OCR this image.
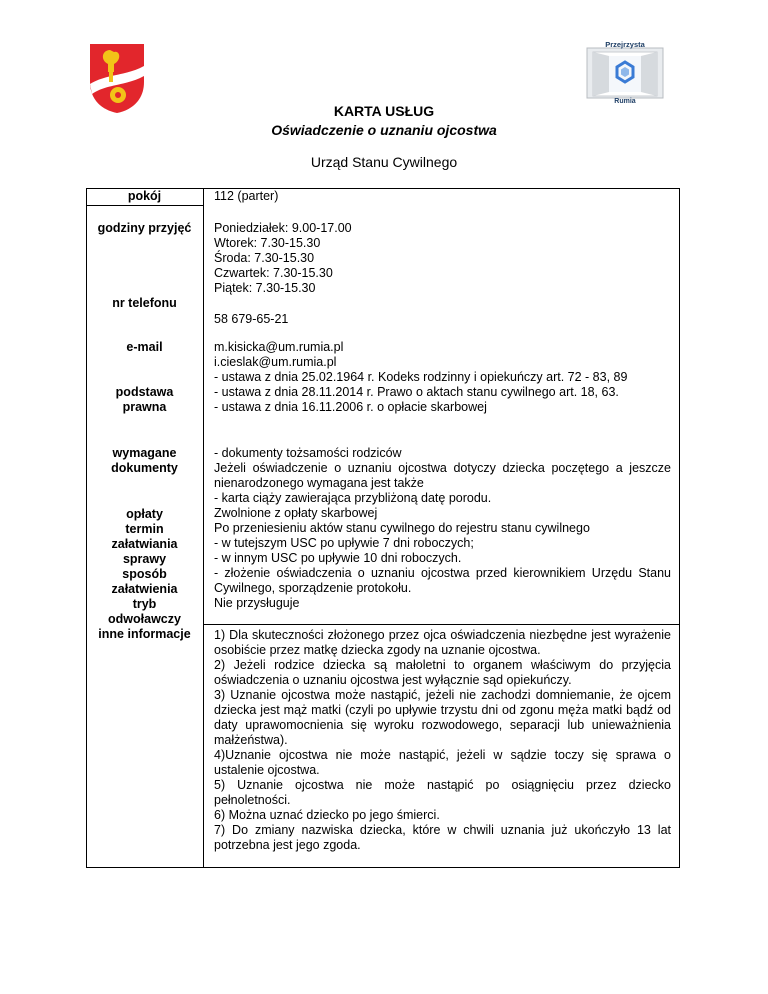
Przejrzysta
Rumia
KARTA USŁUG
Oświadczenie o uznaniu ojcostwa
Urząd Stanu Cywilnego
pokój
godziny przyjęć
nr telefonu
e-mail
podstawa
prawna
wymagane
dokumenty
opłaty
termin
załatwiania
sprawy
sposób
załatwienia
tryb
odwoławczy
inne informacje
112 (parter)
Poniedziałek: 9.00-17.00
Wtorek: 7.30-15.30
Środa: 7.30-15.30
Czwartek: 7.30-15.30
Piątek: 7.30-15.30
58 679-65-21
m.kisicka@um.rumia.pl
i.cieslak@um.rumia.pl
- ustawa z dnia 25.02.1964 r. Kodeks rodzinny i opiekuńczy art. 72 - 83, 89
- ustawa z dnia 28.11.2014 r. Prawo o aktach stanu cywilnego art. 18, 63.
- ustawa z dnia 16.11.2006 r. o opłacie skarbowej
- dokumenty tożsamości rodziców
Jeżeli oświadczenie o uznaniu ojcostwa dotyczy dziecka poczętego a jeszcze nienarodzonego wymagana jest także
- karta ciąży zawierająca przybliżoną datę porodu.
Zwolnione z opłaty skarbowej
Po przeniesieniu aktów stanu cywilnego do rejestru stanu cywilnego
- w tutejszym USC po upływie 7 dni roboczych;
- w innym USC po upływie 10 dni roboczych.
- złożenie oświadczenia o uznaniu ojcostwa przed kierownikiem Urzędu Stanu Cywilnego, sporządzenie protokołu.
Nie przysługuje
1) Dla skuteczności złożonego przez ojca oświadczenia niezbędne jest wyrażenie osobiście przez matkę dziecka zgody na uznanie ojcostwa.
2) Jeżeli rodzice dziecka są małoletni to organem właściwym do przyjęcia oświadczenia o uznaniu ojcostwa jest wyłącznie sąd opiekuńczy.
3) Uznanie ojcostwa może nastąpić, jeżeli nie zachodzi domniemanie, że ojcem dziecka jest mąż matki (czyli po upływie trzystu dni od zgonu męża matki bądź od daty uprawomocnienia się wyroku rozwodowego, separacji lub unieważnienia małżeństwa).
4)Uznanie ojcostwa nie może nastąpić, jeżeli w sądzie toczy się sprawa o ustalenie ojcostwa.
5) Uznanie ojcostwa nie może nastąpić po osiągnięciu przez dziecko pełnoletności.
6) Można uznać dziecko po jego śmierci.
7) Do zmiany nazwiska dziecka, które w chwili uznania już ukończyło 13 lat potrzebna jest jego zgoda.
